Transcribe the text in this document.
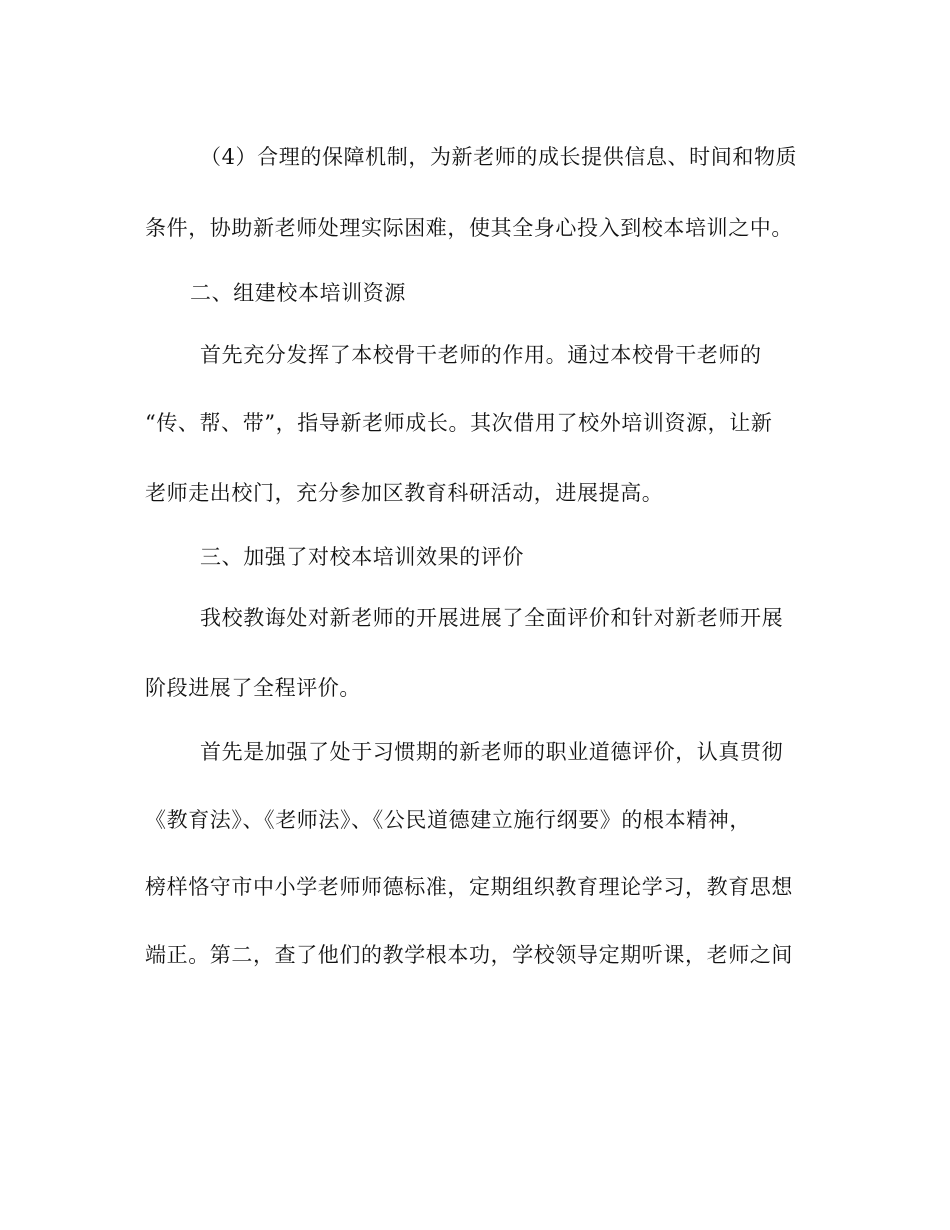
（4）合理的保障机制，为新老师的成长提供信息、时间和物质
条件，协助新老师处理实际困难，使其全身心投入到校本培训之中。
二、组建校本培训资源
首先充分发挥了本校骨干老师的作用。通过本校骨干老师的
“传、帮、带”，指导新老师成长。其次借用了校外培训资源，让新
老师走出校门，充分参加区教育科研活动，进展提高。
三、加强了对校本培训效果的评价
我校教诲处对新老师的开展进展了全面评价和针对新老师开展
阶段进展了全程评价。
首先是加强了处于习惯期的新老师的职业道德评价，认真贯彻
《教育法》、《老师法》、《公民道德建立施行纲要》的根本精神，
榜样恪守市中小学老师师德标准，定期组织教育理论学习，教育思想
端正。第二，查了他们的教学根本功，学校领导定期听课，老师之间
